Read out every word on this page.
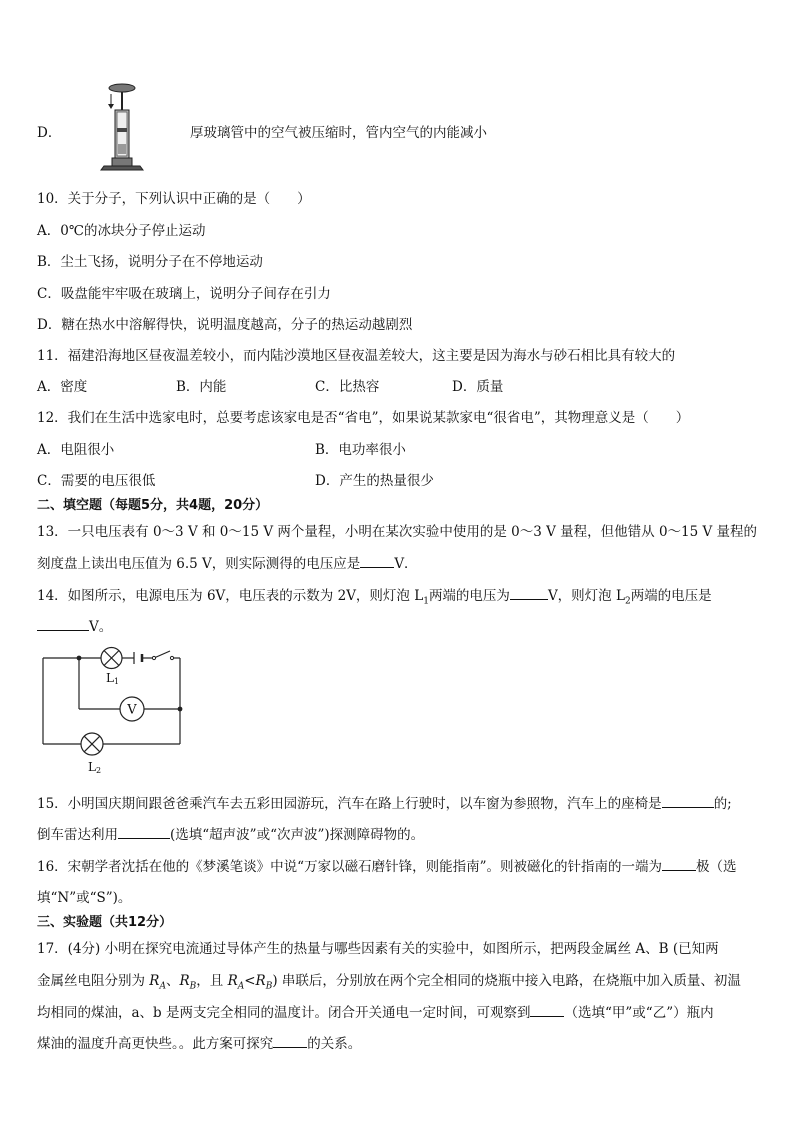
D．	厚玻璃管中的空气被压缩时，管内空气的内能减小
10．关于分子，下列认识中正确的是（　　）
A．0℃的冰块分子停止运动
B．尘土飞扬，说明分子在不停地运动
C．吸盘能牢牢吸在玻璃上，说明分子间存在引力
D．糖在热水中溶解得快，说明温度越高，分子的热运动越剧烈
11．福建沿海地区昼夜温差较小，而内陆沙漠地区昼夜温差较大，这主要是因为海水与砂石相比具有较大的
A．密度	B．内能	C．比热容	D．质量
12．我们在生活中选家电时，总要考虑该家电是否“省电”，如果说某款家电“很省电”，其物理意义是（　　）
A．电阻很小	B．电功率很小
C．需要的电压很低	D．产生的热量很少
二、填空题（每题5分，共4题，20分）
13．一只电压表有 0～3 V 和 0～15 V 两个量程，小明在某次实验中使用的是 0～3 V 量程，但他错从 0～15 V 量程的
刻度盘上读出电压值为 6.5 V，则实际测得的电压应是	V．
14．如图所示，电源电压为 6V，电压表的示数为 2V，则灯泡 $L_1$两端的电压为	V，则灯泡 $L_2$两端的电压是
V。
V
L1
L2
15．小明国庆期间跟爸爸乘汽车去五彩田园游玩，汽车在路上行驶时，以车窗为参照物，汽车上的座椅是	的;
倒车雷达利用	(选填“超声波”或“次声波”)探测障碍物的。
16．宋朝学者沈括在他的《梦溪笔谈》中说“万家以磁石磨针锋，则能指南”。则被磁化的针指南的一端为	极（选
填“N”或“S”)。
三、实验题（共12分）
17．(4分) 小明在探究电流通过导体产生的热量与哪些因素有关的实验中，如图所示，把两段金属丝 A、B (已知两
金属丝电阻分别为 $R_A$、$R_B$，且 $R_A<R_B$) 串联后，分别放在两个完全相同的烧瓶中接入电路，在烧瓶中加入质量、初温
均相同的煤油，a、b 是两支完全相同的温度计。闭合开关通电一定时间，可观察到	（选填“甲”或“乙”）瓶内
煤油的温度升高更快些。。此方案可探究	的关系。
